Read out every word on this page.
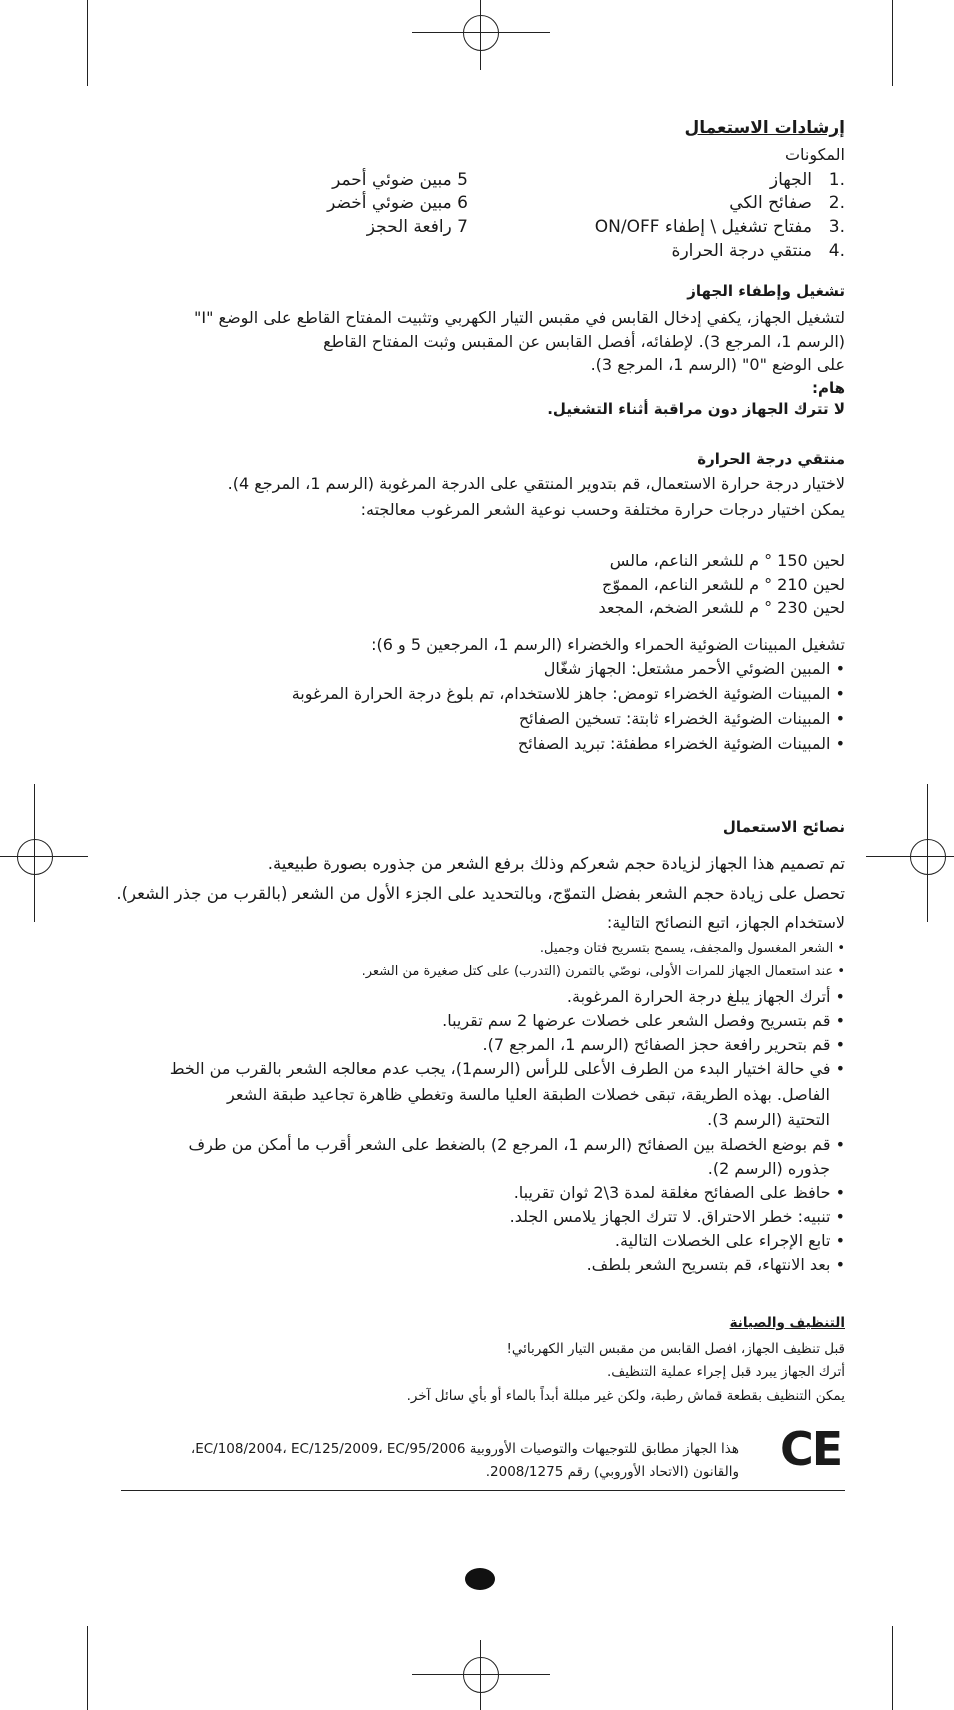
إرشادات الاستعمال
المكونات
1.
الجهاز
2.
صفائح الكي
3.
مفتاح تشغيل \ إطفاء ON/OFF
4.
منتقي درجة الحرارة
5 مبين ضوئي أحمر
6 مبين ضوئي أخضر
7 رافعة الحجز
تشغيل وإطفاء الجهاز
لتشغيل الجهاز، يكفي إدخال القابس في مقبس التيار الكهربي وتثبيت المفتاح القاطع على الوضع "I"
(الرسم 1، المرجع 3). لإطفائه، أفصل القابس عن المقبس وثبت المفتاح القاطع
على الوضع "0" (الرسم 1، المرجع 3).
هام:
لا تترك الجهاز دون مراقبة أثناء التشغيل.
منتقي درجة الحرارة
لاختيار درجة حرارة الاستعمال، قم بتدوير المنتقي على الدرجة المرغوبة (الرسم 1، المرجع 4).
يمكن اختيار درجات حرارة مختلفة وحسب نوعية الشعر المرغوب معالجته:
لحين 150 ° م للشعر الناعم، مالس
لحين 210 ° م للشعر الناعم، المموّج
لحين 230 ° م للشعر الضخم، المجعد
تشغيل المبينات الضوئية الحمراء والخضراء (الرسم 1، المرجعين 5 و 6):
• المبين الضوئي الأحمر مشتعل: الجهاز شغّال
• المبينات الضوئية الخضراء تومض: جاهز للاستخدام، تم بلوغ درجة الحرارة المرغوبة
• المبينات الضوئية الخضراء ثابتة: تسخين الصفائح
• المبينات الضوئية الخضراء مطفئة: تبريد الصفائح
نصائح الاستعمال
تم تصميم هذا الجهاز لزيادة حجم شعركم وذلك برفع الشعر من جذوره بصورة طبيعية.
تحصل على زيادة حجم الشعر بفضل التموّج، وبالتحديد على الجزء الأول من الشعر (بالقرب من جذر الشعر).
لاستخدام الجهاز، اتبع النصائح التالية:
• الشعر المغسول والمجفف، يسمح بتسريح فتان وجميل.
• عند استعمال الجهاز للمرات الأولى، نوصّي بالتمرن (التدرب) على كتل صغيرة من الشعر.
• أترك الجهاز يبلغ درجة الحرارة المرغوبة.
• قم بتسريح وفصل الشعر على خصلات عرضها 2 سم تقريبا.
• قم بتحرير رافعة حجز الصفائح (الرسم 1، المرجع 7).
• في حالة اختيار البدء من الطرف الأعلى للرأس (الرسم1)، يجب عدم معالجه الشعر بالقرب من الخط
الفاصل. بهذه الطريقة، تبقى خصلات الطبقة العليا مالسة وتغطي ظاهرة تجاعيد طبقة الشعر
التحتية (الرسم 3).
• قم بوضع الخصلة بين الصفائح (الرسم 1، المرجع 2) بالضغط على الشعر أقرب ما أمكن من طرف
جذوره (الرسم 2).
• حافظ على الصفائح مغلقة لمدة 3\2 ثوان تقريبا.
• تنبيه: خطر الاحتراق. لا تترك الجهاز يلامس الجلد.
• تابع الإجراء على الخصلات التالية.
• بعد الانتهاء، قم بتسريح الشعر بلطف.
التنظيف والصيانة
قبل تنظيف الجهاز، افصل القابس من مقبس التيار الكهربائي!
أترك الجهاز يبرد قبل إجراء عملية التنظيف.
يمكن التنظيف بقطعة قماش رطبة، ولكن غير مبللة أبداً بالماء أو بأي سائل آخر.
CE
هذا الجهاز مطابق للتوجيهات والتوصيات الأوروبية EC/108/2004، EC/125/2009، EC/95/2006،
والقانون (الاتحاد الأوروبي) رقم 2008/1275.
